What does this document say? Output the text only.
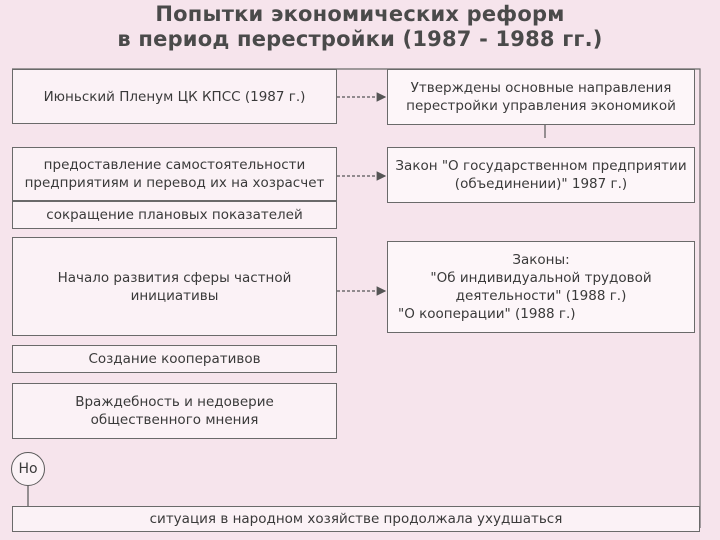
Попытки экономических реформ
в период перестройки (1987 - 1988 гг.)
Июньский Пленум ЦК КПСС (1987 г.)
предоставление самостоятельности предприятиям и перевод их на хозрасчет
сокращение плановых показателей
Начало развития сферы частной инициативы
Создание кооперативов
Враждебность и недоверие общественного мнения
Утверждены основные направления перестройки управления экономикой
Закон "О государственном предприятии (объединении)" 1987 г.)
Законы:
"Об индивидуальной трудовой деятельности" (1988 г.)
"О кооперации" (1988 г.)
Но
ситуация в народном хозяйстве продолжала ухудшаться
